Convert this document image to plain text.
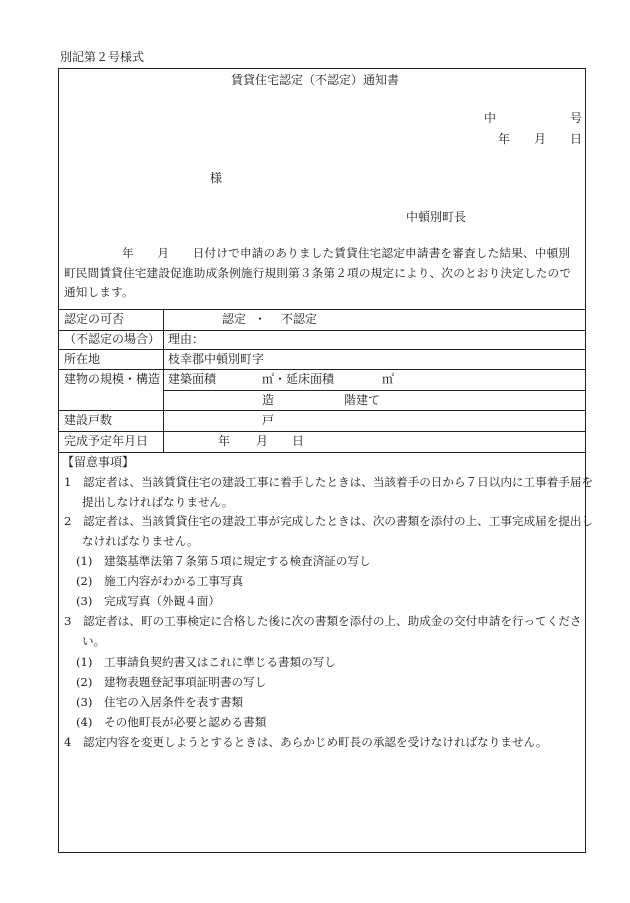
別記第２号様式
賃貸住宅認定（不認定）通知書
中	号
年 月 日
様
中頓別町長
年　　月　　日付けで申請のありました賃貸住宅認定申請書を審査した結果、中頓別町民間賃貸住宅建設促進助成条例施行規則第３条第２項の規定により、次のとおり決定したので通知します。
認定の可否	認定 ・ 不認定
（不認定の場合） 理由：
所在地	枝幸郡中頓別町字
建物の規模・構造 建築面積	㎡ ・延床面積	㎡
造	階建て
建設戸数	戸
完成予定年月日	年 月 日
【留意事項】
1　認定者は、当該賃貸住宅の建設工事に着手したときは、当該着手の日から７日以内に工事着手届を提出しなければなりません。
2　認定者は、当該賃貸住宅の建設工事が完成したときは、次の書類を添付の上、工事完成届を提出しなければなりません。
(1)　建築基準法第７条第５項に規定する検査済証の写し
(2)　施工内容がわかる工事写真
(3)　完成写真（外観４面）
3　認定者は、町の工事検定に合格した後に次の書類を添付の上、助成金の交付申請を行ってください。
(1)　工事請負契約書又はこれに準じる書類の写し
(2)　建物表題登記事項証明書の写し
(3)　住宅の入居条件を表す書類
(4)　その他町長が必要と認める書類
4　認定内容を変更しようとするときは、あらかじめ町長の承認を受けなければなりません。
